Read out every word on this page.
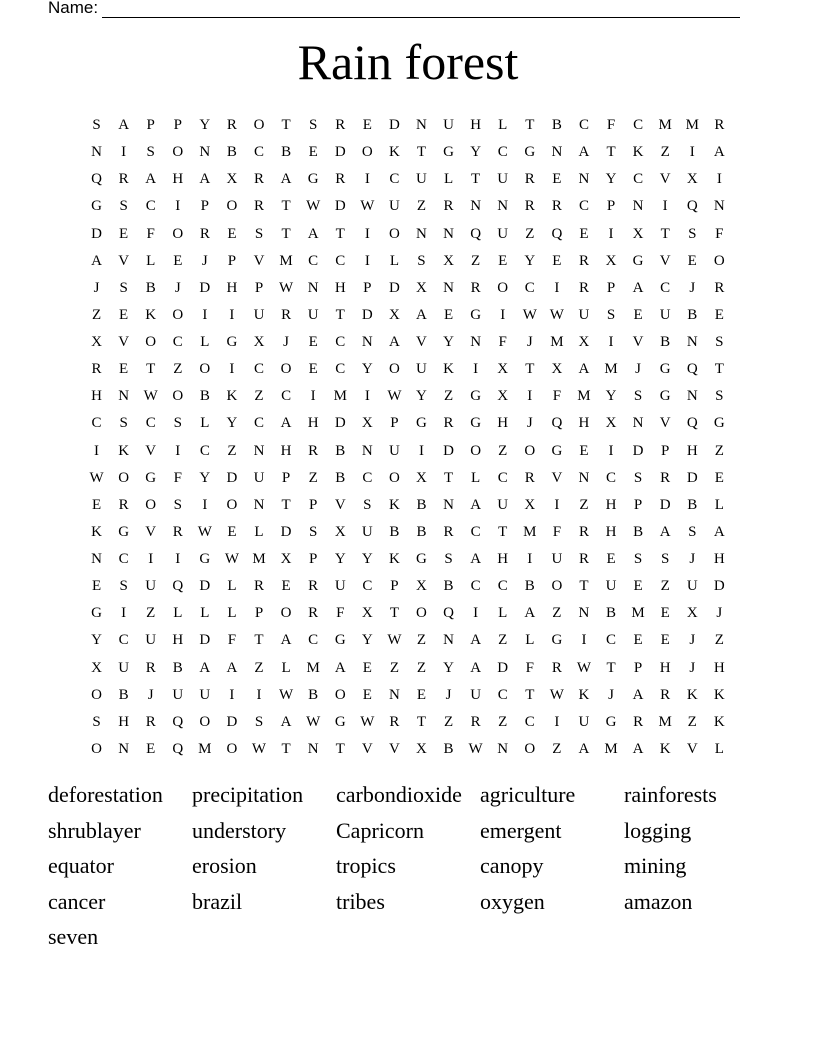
Name:
Rain forest
S	A	P	P	Y	R	O	T	S	R	E	D	N	U	H	L	T	B	C	F	C	M M	R
N	I	S	O	N	B	C	B	E	D	O	K	T	G	Y	C	G	N	A	T	K	Z	I	A
Q	R	A	H	A	X	R	A	G	R	I	C	U	L	T	U	R	E	N	Y	C	V	X	I
G	S	C	I	P	O	R	T	W D W U	Z	R	N	N	R	R	C	P	N	I	Q	N
D	E	F	O	R	E	S	T	A	T	I	O	N	N	Q	U	Z	Q	E	I	X	T	S	F
A	V	L	E	J	P	V M	C	C	I	L	S	X	Z	E	Y	E	R	X	G	V	E	O
J	S	B	J	D	H	P	W N	H	P	D	X	N	R	O	C	I	R	P	A	C	J	R
Z	E	K	O	I	I	U	R	U	T	D	X	A	E	G	I	W W U	S	E	U	B	E
X	V	O	C	L	G	X	J	E	C	N	A	V	Y	N	F	J	M X	I	V	B	N	S
R	E	T	Z	O	I	C	O	E	C	Y	O	U	K	I	X	T	X	A M	J	G	Q	T
H	N W O	B	K	Z	C	I	M	I	W Y	Z	G	X	I	F	M Y	S	G	N	S
C	S	C	S	L	Y	C	A	H	D	X	P	G	R	G	H	J	Q	H	X	N	V	Q	G
I	K	V	I	C	Z	N	H	R	B	N	U	I	D	O	Z	O	G	E	I	D	P	H	Z
W O	G	F	Y	D	U	P	Z	B	C	O	X	T	L	C	R	V	N	C	S	R	D	E
E	R	O	S	I	O	N	T	P	V	S	K	B	N	A	U	X	I	Z	H	P	D	B	L
K	G	V	R W	E	L	D	S	X	U	B	B	R	C	T	M	F	R	H	B	A	S	A
N	C	I	I	G W M X	P	Y	Y	K	G	S	A	H	I	U	R	E	S	S	J	H
E	S	U	Q	D	L	R	E	R	U	C	P	X	B	C	C	B	O	T	U	E	Z	U	D
G	I	Z	L	L	L	P	O	R	F	X	T	O	Q	I	L	A	Z	N	B	M	E	X	J
Y	C	U	H	D	F	T	A	C	G	Y W	Z	N	A	Z	L	G	I	C	E	E	J	Z
X	U	R	B	A	A	Z	L	M A	E	Z	Z	Y	A	D	F	R W	T	P	H	J	H
O	B	J	U	U	I	I	W B	O	E	N	E	J	U	C	T	W K	J	A	R	K	K
S	H	R	Q	O	D	S	A W G W R	T	Z	R	Z	C	I	U	G	R	M	Z	K
O	N	E	Q M O W	T	N	T	V	V	X	B W N	O	Z	A M A	K	V	L
deforestation	precipitation	carbondioxide agriculture	rainforests
shrublayer	understory	Capricorn	emergent	logging
equator	erosion	tropics	canopy	mining
cancer	brazil	tribes	oxygen	amazon
seven
